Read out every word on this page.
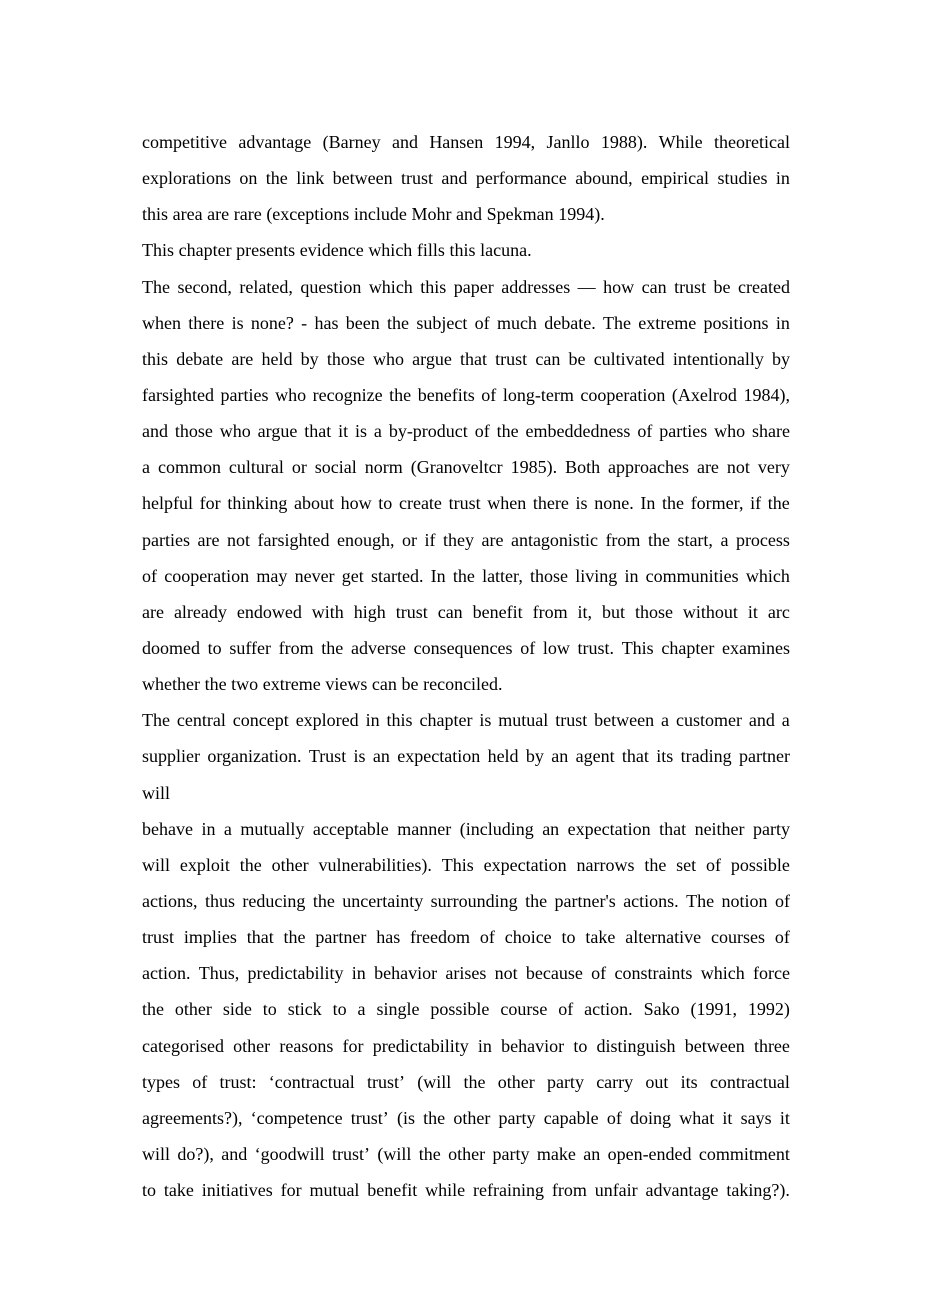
competitive advantage (Barney and Hansen 1994, Janllo 1988). While theoretical
explorations on the link between trust and performance abound, empirical studies in
this area are rare (exceptions include Mohr and Spekman 1994).
This chapter presents evidence which fills this lacuna.
The second, related, question which this paper addresses — how can trust be created
when there is none? - has been the subject of much debate. The extreme positions in
this debate are held by those who argue that trust can be cultivated intentionally by
farsighted parties who recognize the benefits of long-term cooperation (Axelrod 1984),
and those who argue that it is a by-product of the embeddedness of parties who share
a common cultural or social norm (Granoveltcr 1985). Both approaches are not very
helpful for thinking about how to create trust when there is none. In the former, if the
parties are not farsighted enough, or if they are antagonistic from the start, a process
of cooperation may never get started. In the latter, those living in communities which
are already endowed with high trust can benefit from it, but those without it arc
doomed to suffer from the adverse consequences of low trust. This chapter examines
whether the two extreme views can be reconciled.
The central concept explored in this chapter is mutual trust between a customer and a
supplier organization. Trust is an expectation held by an agent that its trading partner
will
behave in a mutually acceptable manner (including an expectation that neither party
will exploit the other vulnerabilities). This expectation narrows the set of possible
actions, thus reducing the uncertainty surrounding the partner's actions. The notion of
trust implies that the partner has freedom of choice to take alternative courses of
action. Thus, predictability in behavior arises not because of constraints which force
the other side to stick to a single possible course of action. Sako (1991, 1992)
categorised other reasons for predictability in behavior to distinguish between three
types of trust: ‘contractual trust’ (will the other party carry out its contractual
agreements?), ‘competence trust’ (is the other party capable of doing what it says it
will do?), and ‘goodwill trust’ (will the other party make an open-ended commitment
to take initiatives for mutual benefit while refraining from unfair advantage taking?).
